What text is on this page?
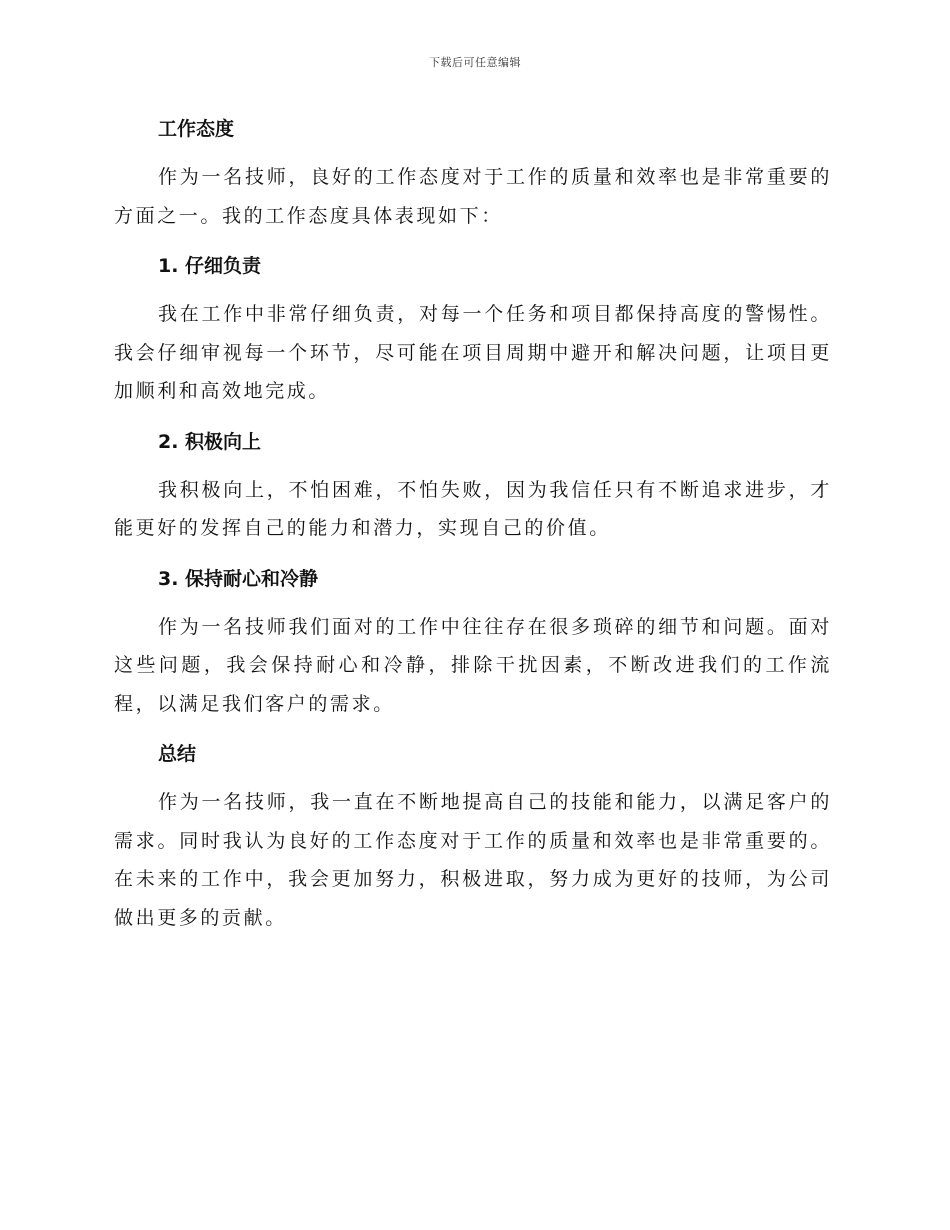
下载后可任意编辑
工作态度

作为一名技师，良好的工作态度对于工作的质量和效率也是非常重要的方面之一。我的工作态度具体表现如下：

1. 仔细负责

我在工作中非常仔细负责，对每一个任务和项目都保持高度的警惕性。我会仔细审视每一个环节，尽可能在项目周期中避开和解决问题，让项目更加顺利和高效地完成。

2. 积极向上

我积极向上，不怕困难，不怕失败，因为我信任只有不断追求进步，才能更好的发挥自己的能力和潜力，实现自己的价值。

3. 保持耐心和冷静

作为一名技师我们面对的工作中往往存在很多琐碎的细节和问题。面对这些问题，我会保持耐心和冷静，排除干扰因素，不断改进我们的工作流程，以满足我们客户的需求。

总结

作为一名技师，我一直在不断地提高自己的技能和能力，以满足客户的需求。同时我认为良好的工作态度对于工作的质量和效率也是非常重要的。在未来的工作中，我会更加努力，积极进取，努力成为更好的技师，为公司做出更多的贡献。
